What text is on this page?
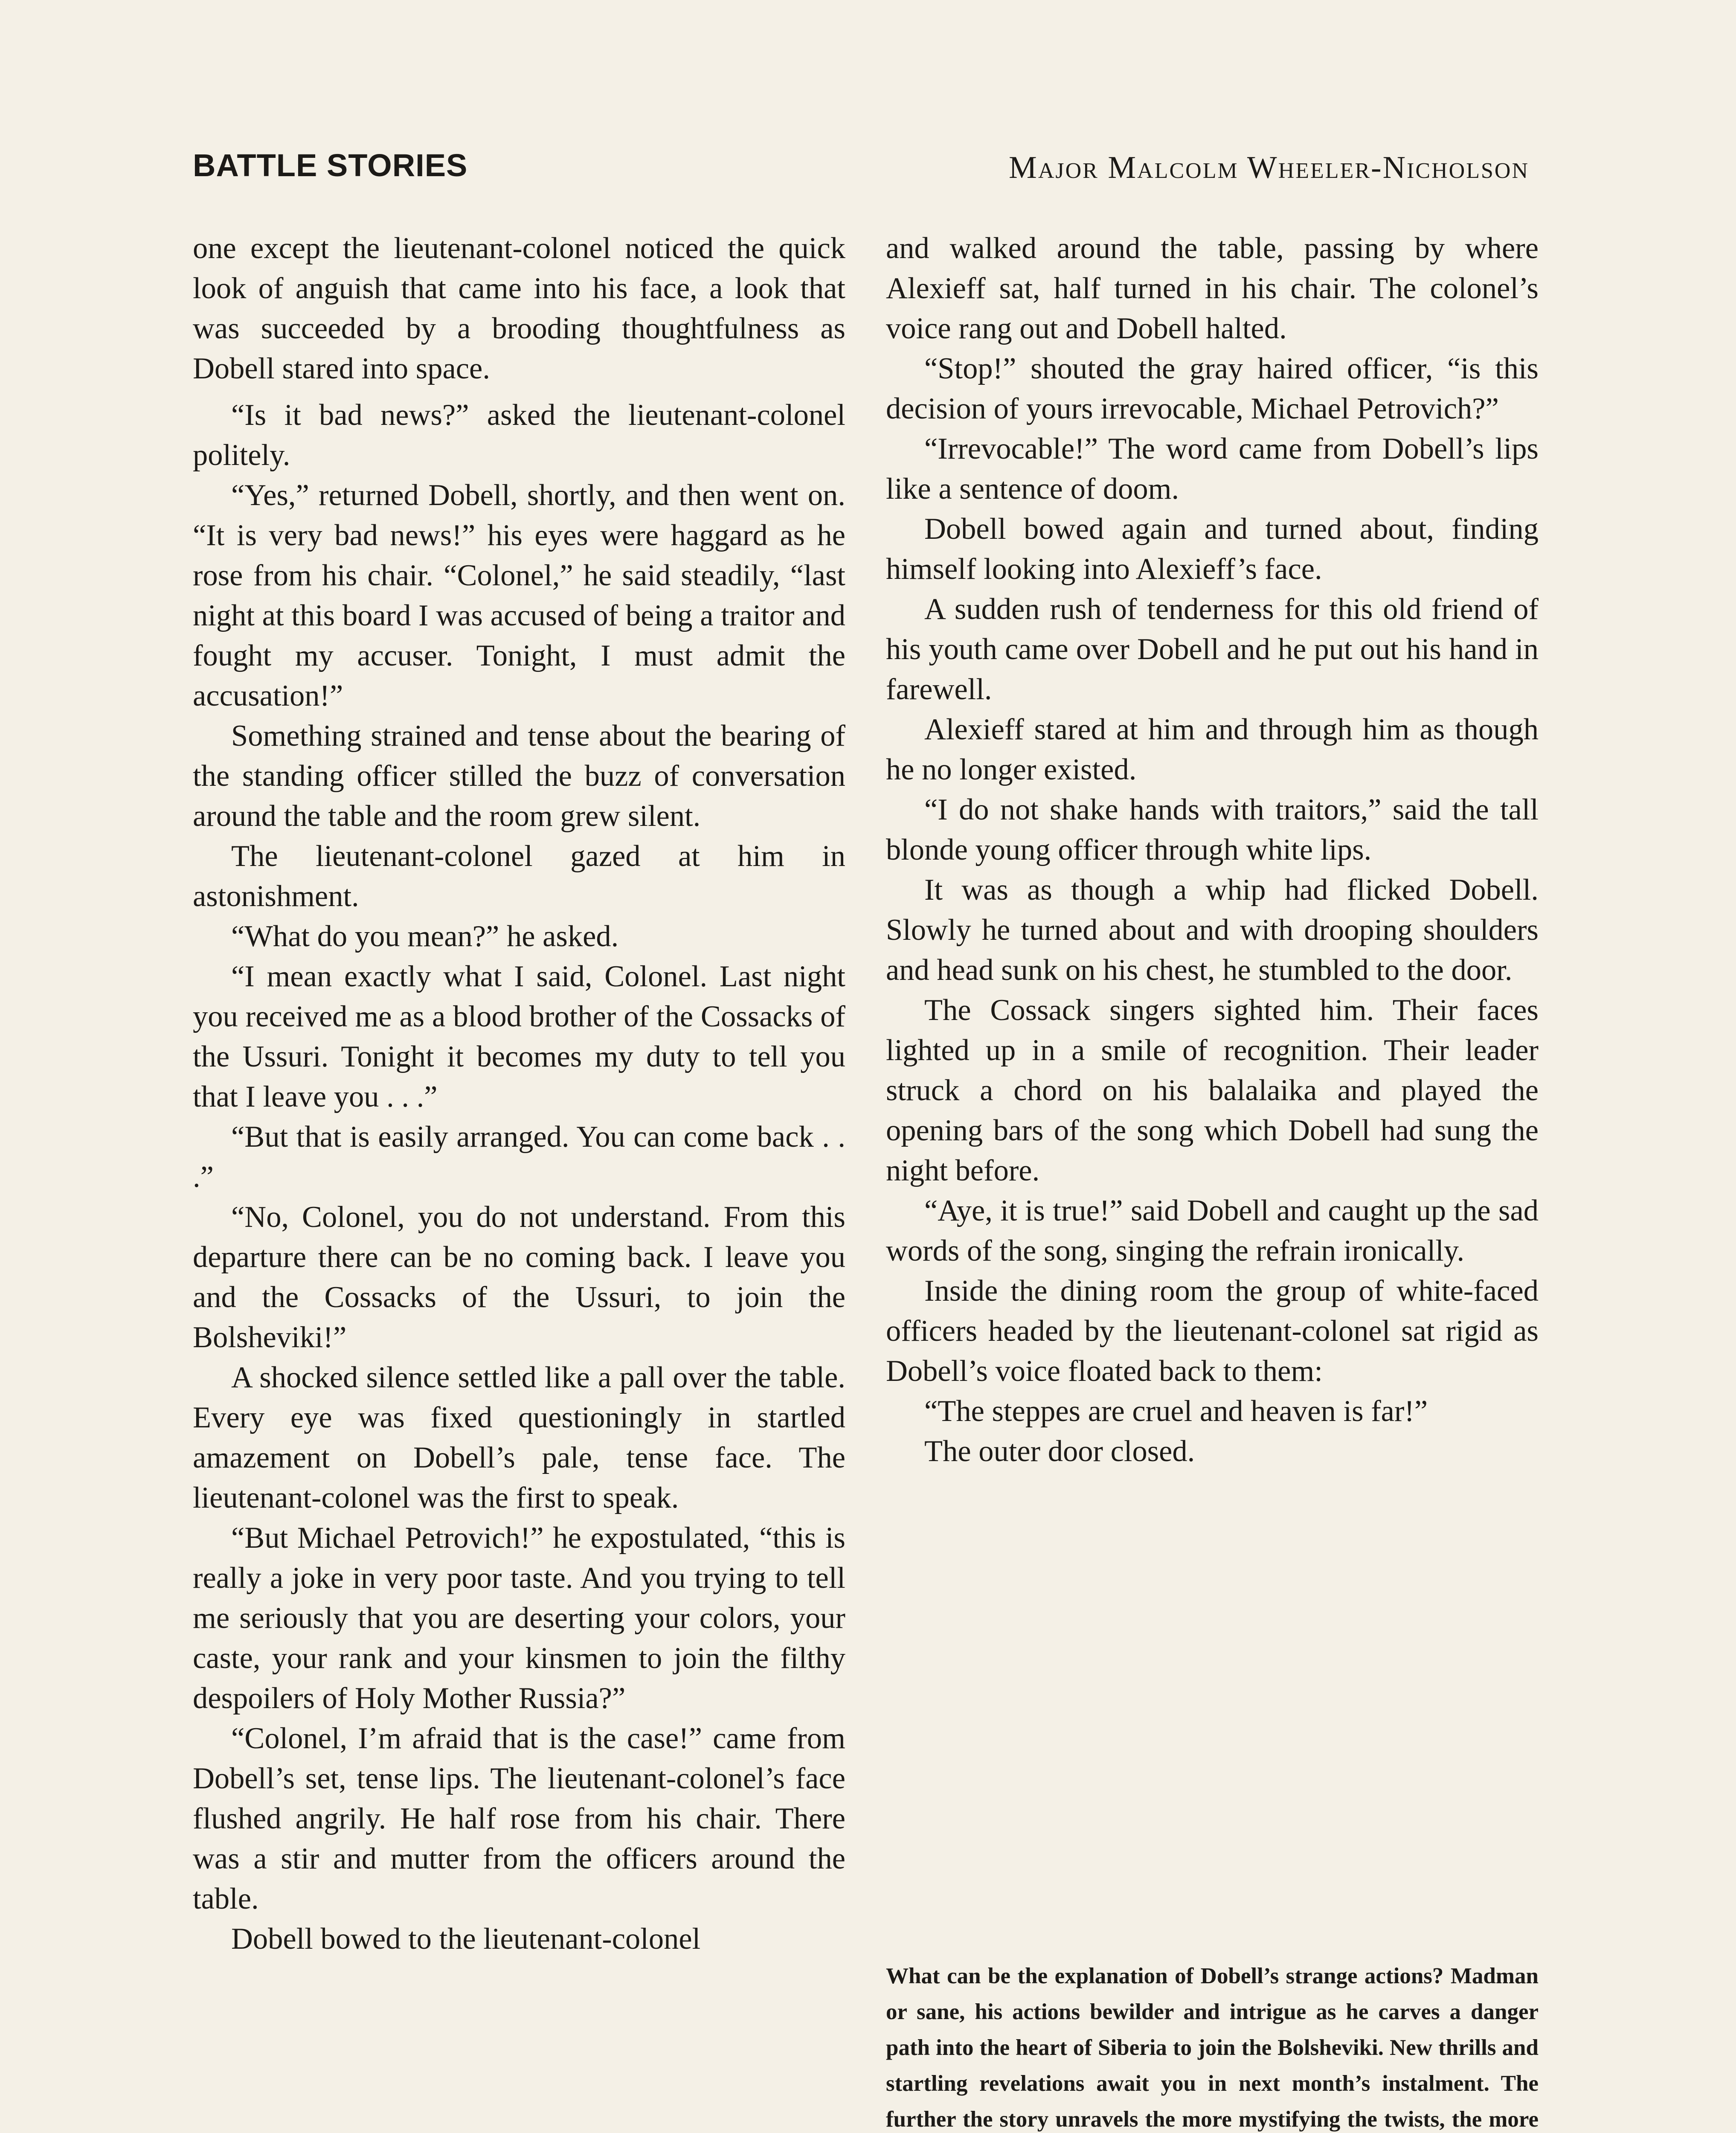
BATTLE STORIES	Major Malcolm Wheeler-Nicholson

one except the lieutenant-colonel noticed the quick look of anguish that came into his face, a look that was succeeded by a brooding thoughtfulness as Dobell stared into space.

“Is it bad news?” asked the lieutenant-colonel politely.

“Yes,” returned Dobell, shortly, and then went on. “It is very bad news!” his eyes were haggard as he rose from his chair. “Colonel,” he said steadily, “last night at this board I was accused of being a traitor and fought my accuser. Tonight, I must admit the accusation!”

Something strained and tense about the bearing of the standing officer stilled the buzz of conversation around the table and the room grew silent.

The lieutenant-colonel gazed at him in astonishment.

“What do you mean?” he asked.

“I mean exactly what I said, Colonel. Last night you received me as a blood brother of the Cossacks of the Ussuri. Tonight it becomes my duty to tell you that I leave you . . .”

“But that is easily arranged. You can come back . . .”

“No, Colonel, you do not understand. From this departure there can be no coming back. I leave you and the Cossacks of the Ussuri, to join the Bolsheviki!”

A shocked silence settled like a pall over the table. Every eye was fixed questioningly in startled amazement on Dobell’s pale, tense face. The lieutenant-colonel was the first to speak.

“But Michael Petrovich!” he expostulated, “this is really a joke in very poor taste. And you trying to tell me seriously that you are deserting your colors, your caste, your rank and your kinsmen to join the filthy despoilers of Holy Mother Russia?”

“Colonel, I’m afraid that is the case!” came from Dobell’s set, tense lips. The lieutenant-colonel’s face flushed angrily. He half rose from his chair. There was a stir and mutter from the officers around the table.

Dobell bowed to the lieutenant-colonel

and walked around the table, passing by where Alexieff sat, half turned in his chair. The colonel’s voice rang out and Dobell halted.

“Stop!” shouted the gray haired officer, “is this decision of yours irrevocable, Michael Petrovich?”

“Irrevocable!” The word came from Dobell’s lips like a sentence of doom.

Dobell bowed again and turned about, finding himself looking into Alexieff’s face.

A sudden rush of tenderness for this old friend of his youth came over Dobell and he put out his hand in farewell.

Alexieff stared at him and through him as though he no longer existed.

“I do not shake hands with traitors,” said the tall blonde young officer through white lips.

It was as though a whip had flicked Dobell. Slowly he turned about and with drooping shoulders and head sunk on his chest, he stumbled to the door.

The Cossack singers sighted him. Their faces lighted up in a smile of recognition. Their leader struck a chord on his balalaika and played the opening bars of the song which Dobell had sung the night before.

“Aye, it is true!” said Dobell and caught up the sad words of the song, singing the refrain ironically.

Inside the dining room the group of white-faced officers headed by the lieutenant-colonel sat rigid as Dobell’s voice floated back to them:

“The steppes are cruel and heaven is far!”

The outer door closed.

What can be the explanation of Dobell’s strange actions? Madman or sane, his actions bewilder and intrigue as he carves a danger path into the heart of Siberia to join the Bolsheviki. New thrills and startling revelations await you in next month’s instalment. The further the story unravels the more mystifying the twists, the more
